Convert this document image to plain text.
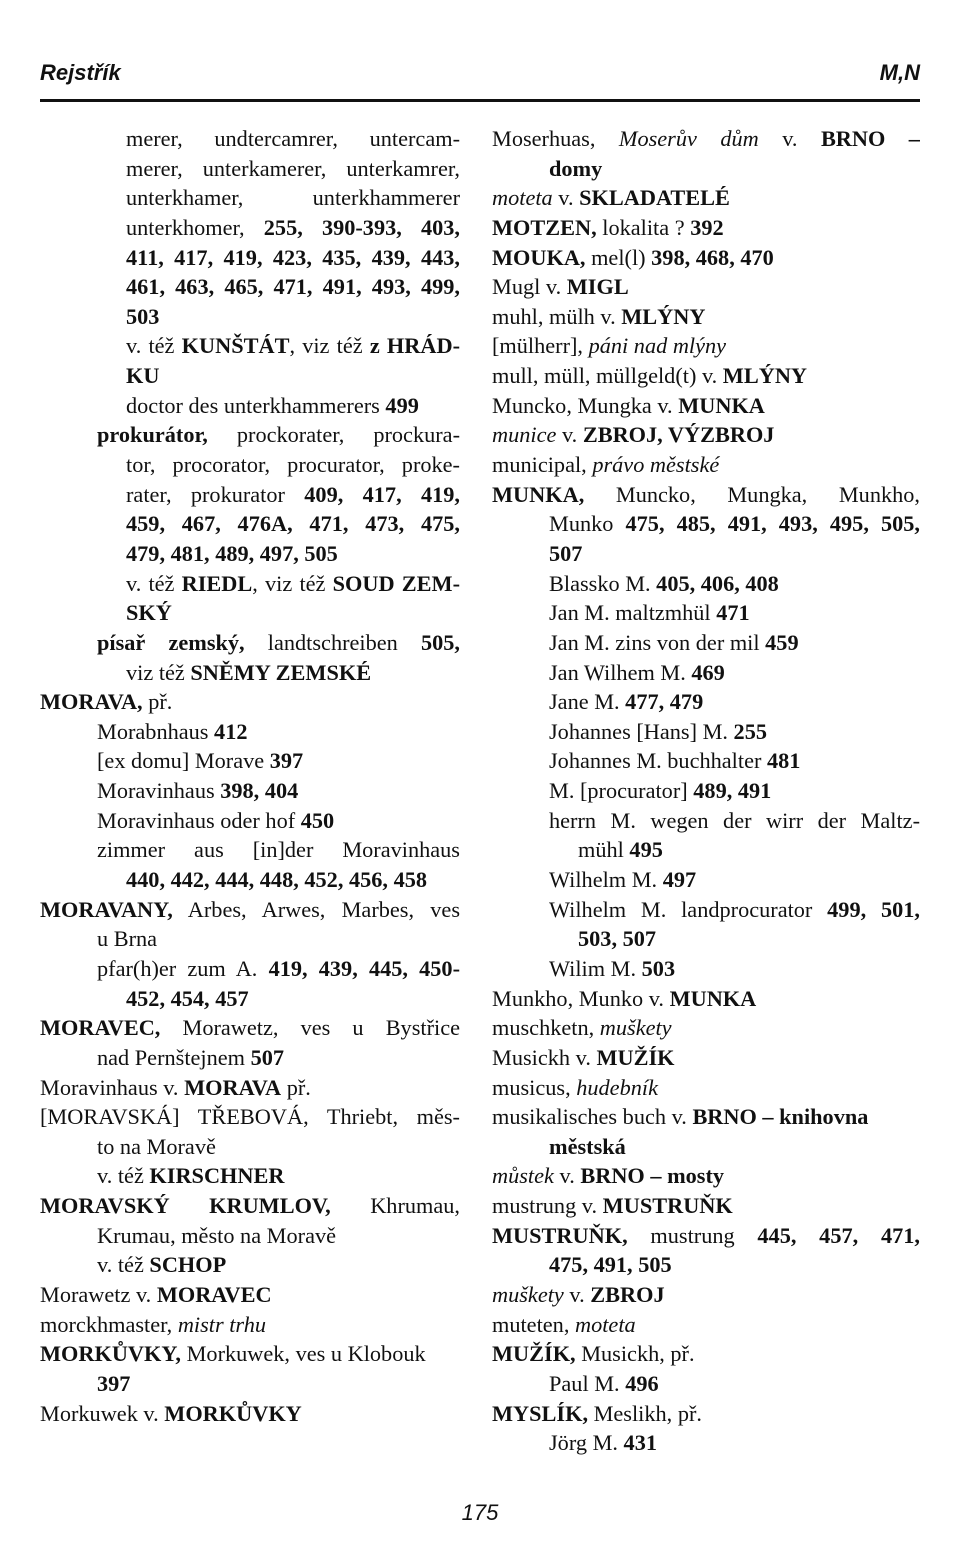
Rejstřík	M,N
merer, undtercamrer, untercam-
merer, unterkamerer, unterkamrer,
unterkhamer, unterkhammerer
unterkhomer, 255, 390-393, 403,
411, 417, 419, 423, 435, 439, 443,
461, 463, 465, 471, 491, 493, 499,
503
v. též KUNŠTÁT, viz též z HRÁD-
KU
doctor des unterkhammerers 499
prokurátor, prockorater, prockura-
tor, procorator, procurator, proke-
rater, prokurator 409, 417, 419,
459, 467, 476A, 471, 473, 475,
479, 481, 489, 497, 505
v. též RIEDL, viz též SOUD ZEM-
SKÝ
písař zemský, landtschreiben 505,
viz též SNĚMY ZEMSKÉ
MORAVA, př.
Morabnhaus 412
[ex domu] Morave 397
Moravinhaus 398, 404
Moravinhaus oder hof 450
zimmer aus [in]der Moravinhaus
440, 442, 444, 448, 452, 456, 458
MORAVANY, Arbes, Arwes, Marbes, ves
u Brna
pfar(h)er zum A. 419, 439, 445, 450-
452, 454, 457
MORAVEC, Morawetz, ves u Bystřice
nad Pernštejnem 507
Moravinhaus v. MORAVA př.
[MORAVSKÁ] TŘEBOVÁ, Thriebt, měs-
to na Moravě
v. též KIRSCHNER
MORAVSKÝ KRUMLOV, Khrumau,
Krumau, město na Moravě
v. též SCHOP
Morawetz v. MORAVEC
morckhmaster, mistr trhu
MORKŮVKY, Morkuwek, ves u Klobouk
397
Morkuwek v. MORKŮVKY
Moserhuas, Moserův dům v. BRNO –
domy
moteta v. SKLADATELÉ
MOTZEN, lokalita ? 392
MOUKA, mel(l) 398, 468, 470
Mugl v. MIGL
muhl, mülh v. MLÝNY
[mülherr], páni nad mlýny
mull, müll, müllgeld(t) v. MLÝNY
Muncko, Mungka v. MUNKA
munice v. ZBROJ, VÝZBROJ
municipal, právo městské
MUNKA, Muncko, Mungka, Munkho,
Munko 475, 485, 491, 493, 495, 505,
507
Blassko M. 405, 406, 408
Jan M. maltzmhül 471
Jan M. zins von der mil 459
Jan Wilhem M. 469
Jane M. 477, 479
Johannes [Hans] M. 255
Johannes M. buchhalter 481
M. [procurator] 489, 491
herrn M. wegen der wirr der Maltz-
mühl 495
Wilhelm M. 497
Wilhelm M. landprocurator 499, 501,
503, 507
Wilim M. 503
Munkho, Munko v. MUNKA
muschketn, muškety
Musickh v. MUŽÍK
musicus, hudebník
musikalisches buch v. BRNO – knihovna
městská
můstek v. BRNO – mosty
mustrung v. MUSTRUŇK
MUSTRUŇK, mustrung 445, 457, 471,
475, 491, 505
muškety v. ZBROJ
muteten, moteta
MUŽÍK, Musickh, př.
Paul M. 496
MYSLÍK, Meslikh, př.
Jörg M. 431
175
